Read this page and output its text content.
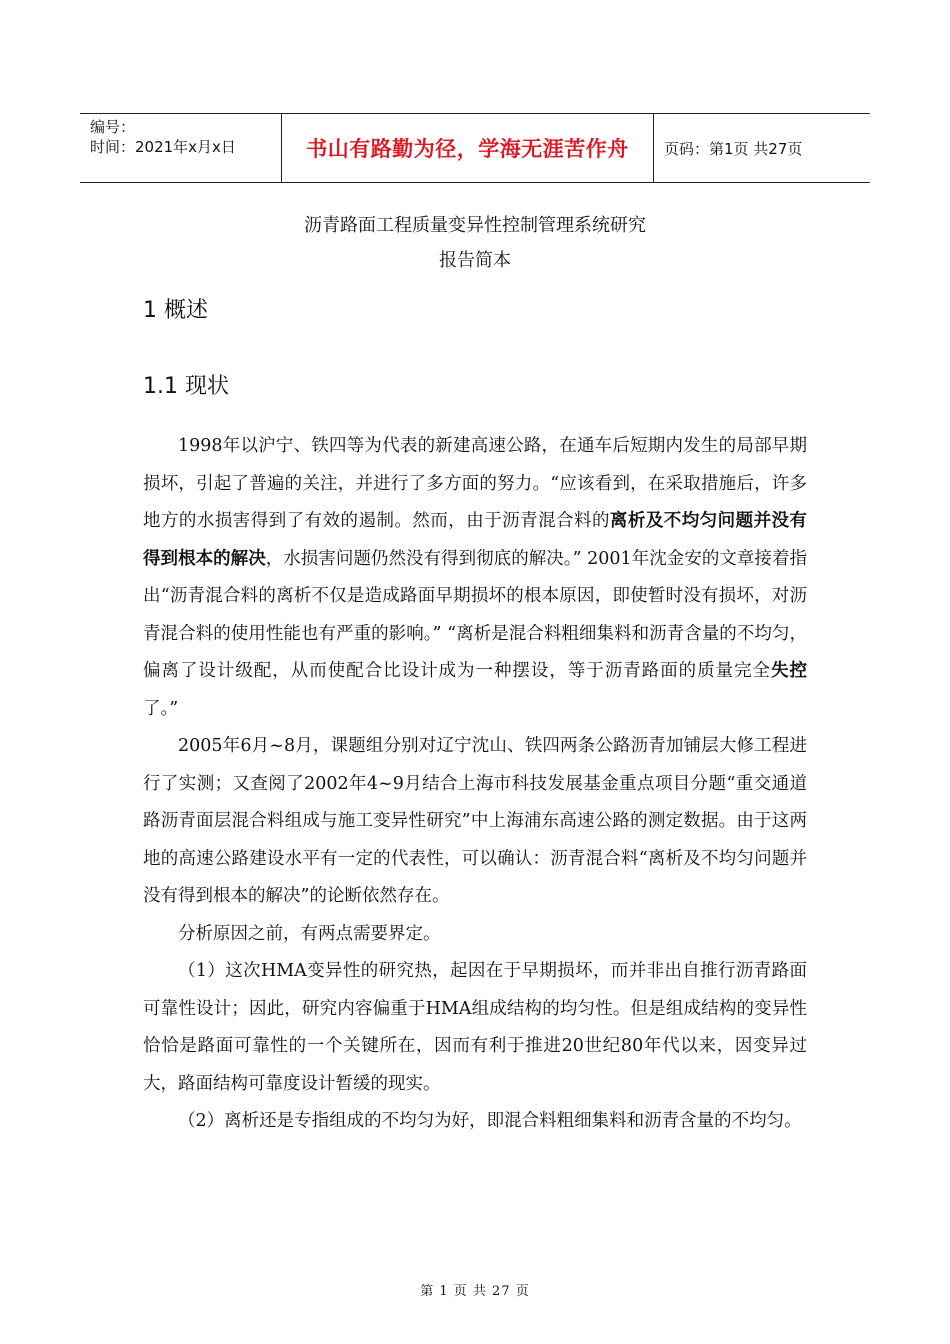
编号：
时间：2021年x月x日	书山有路勤为径，学海无涯苦作舟	页码：第1页 共27页
沥青路面工程质量变异性控制管理系统研究
报告简本
1 概述
1.1 现状

1998年以沪宁、铁四等为代表的新建高速公路，在通车后短期内发生的局部早期损坏，引起了普遍的关注，并进行了多方面的努力。“应该看到，在采取措施后，许多地方的水损害得到了有效的遏制。然而，由于沥青混合料的离析及不均匀问题并没有得到根本的解决，水损害问题仍然没有得到彻底的解决。” 2001年沈金安的文章接着指出“沥青混合料的离析不仅是造成路面早期损坏的根本原因，即使暂时没有损坏，对沥青混合料的使用性能也有严重的影响。” “离析是混合料粗细集料和沥青含量的不均匀，偏离了设计级配，从而使配合比设计成为一种摆设，等于沥青路面的质量完全失控了。”

2005年6月~8月，课题组分别对辽宁沈山、铁四两条公路沥青加铺层大修工程进行了实测；又查阅了2002年4~9月结合上海市科技发展基金重点项目分题“重交通道路沥青面层混合料组成与施工变异性研究”中上海浦东高速公路的测定数据。由于这两地的高速公路建设水平有一定的代表性，可以确认：沥青混合料“离析及不均匀问题并没有得到根本的解决”的论断依然存在。

分析原因之前，有两点需要界定。

（1）这次HMA变异性的研究热，起因在于早期损坏，而并非出自推行沥青路面可靠性设计；因此，研究内容偏重于HMA组成结构的均匀性。但是组成结构的变异性恰恰是路面可靠性的一个关键所在，因而有利于推进20世纪80年代以来，因变异过大，路面结构可靠度设计暂缓的现实。

（2）离析还是专指组成的不均匀为好，即混合料粗细集料和沥青含量的不均匀。

第 1 页 共 27 页
